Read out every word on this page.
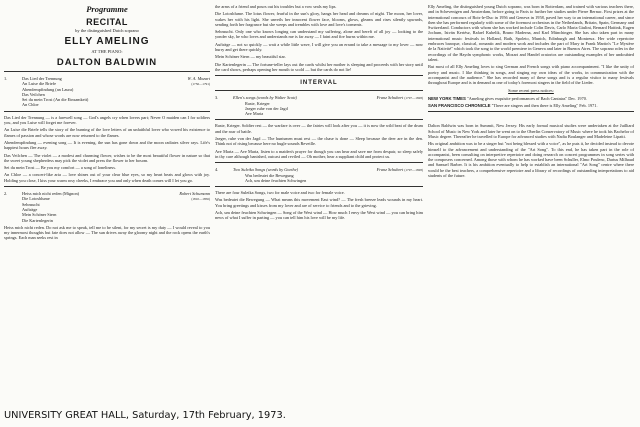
Programme
RECITAL
by the distinguished Dutch soprano
ELLY AMELING
AT THE PIANO:
DALTON BALDWIN
1.	Das Lied der Trennung
An Luise die Briefe
Abendempfindung (an Laura)
Das Veilchen
Sei du mein Trost (An die Einsamkeit)
An Chloe
W. A. Mozart
(1756—1791)
Das Lied der Trennung — is a farewell song — God's angels cry when lovers part; Never O maiden can I for soldiers you, and you Luise will forget me forever.
An Luise die Briefe tells the story of the burning of the love letters of an unfaithful lover who vowed his existence to flames of passion and whose words are now returned to the flames.
Abendempfindung — evening song — It is evening, the sun has gone down and the moon radiates silver rays. Life's happiest hours flee away.
Das Veilchen — The violet — a modest and charming flower, wishes to be the most beautiful flower in nature so that the sweet young shepherdess may pick the violet and press the flower to her bosom.
Sei du mein Trost — Be you my comfort — a song of loneliness.
An Chloe — a concert-like aria — love shines out of your clear blue eyes, so my heart beats and glows with joy. Holding you close, I kiss your warm rosy cheeks, I embrace you and only when death comes will I let you go.
2.	Heiss mich nicht reden (Mignon)
Die Lotosblume
Sehnsucht
Aufträge
Mein Schöner Stern
Die Kartenlegerin
Robert Schumann
(1810—1856)
Heiss mich nicht reden. Do not ask me to speak, tell me to be silent, for my secret is my duty — I would reveal to you my innermost thoughts but fate does not allow — The sun drives away the gloomy night and the rock opens the earth's springs. Each man seeks rest in
the arms of a friend and pours out his troubles but a vow seals my lips.
Die Lotosblume. The lotus flower, fearful in the sun's glory, hangs her head and dreams of night. The moon, her lover, wakes her with his light. She unveils her innocent flower face, blooms, glows, gleams and rises silently upwards, sending forth her fragrance but she weeps and trembles with love and love's torments.
Sehnsucht. Only one who knows longing can understand my suffering, alone and bereft of all joy — looking to the yonder sky, he who loves and understands me is far away — I faint and fire burns within me.
Aufträge — not so quickly — wait a while little wave, I will give you an errand to take a message to my lover — now hurry and get there quickly.
Mein Schöner Stern — my beautiful star.
Die Kartenlegerin — The fortune-teller lays out the cards whilst her mother is sleeping and proceeds with her story until the card shows, perhaps opening her mouth to scold — but the cards do not lie!
INTERVAL
3.	Ellen's songs (words by Walter Scott)
Raste, Krieger
Jaeger ruhe von der Jagd
Ave Maria
Franz Schubert (1797—1828)
Raste, Krieger. Soldier rest — the warfare is over — the fairies will look after you — it is now the wild beat of the drum and the roar of battle.
Jaeger, ruhe von der Jagd — The huntsmen must rest — the chase is done — Sleep because the deer are in the den. Think not of rising because here no bugle sounds Reveille.
Ave Maria — Ave Maria, listen to a maiden's prayer for though you can hear and save me from despair, so sleep safely in thy care although banished, outcast and reviled — Oh mother, hear a suppliant child and protect us.
4.	Two Suleika Songs (words by Goethe)
Was bedeutet die Bewegung
Ach, um deine feuchten Schwingen
Franz Schubert (1797—1828)
There are four Suleika Songs, two for male voice and two for female voice.
Was bedeutet die Bewegung — What means this movement East wind? — The fresh breeze leads wounds in my heart. You bring greetings and kisses from my lover and are of service to friends and to the grieving.
Ach, um deine feuchten Schwingen — Song of the West wind — How much I envy the West wind — you can bring him news of what I suffer in parting — you can tell him his love will be my life.
Elly Ameling, the distinguished young Dutch soprano, was born in Rotterdam, and trained with various teachers there, and in Schevenigen and Amsterdam, before going to Paris to further her studies under Pierre Bernac. First prizes at the international concours of Bois-le-Duc in 1956 and Geneva in 1958, paved her way to an international career, and since then she has performed regularly with some of the foremost orchestras in the Netherlands, Britain, Spain, Germany and Switzerland. Conductors with whom she has worked include Colin Davis, Carlo Maria Giulini, Bernard Haitink, Eugen Jochum, István Kertész, Rafael Kubelik, Bruno Maderna, and Karl Münchinger. She has also taken part in many international music festivals in Holland, Bath, Spoleto, Munich, Edinburgh and Montreux. Her wide repertoire embraces baroque, classical, romantic and modern work and includes the part of Mary in Frank Martin's "Le Mystère de la Nativité" which took the song to the world premiere in Geneva and later in Buenos Aires. The soprano roles in the recordings of the Haydn symphonic works, Mozart and Handel oratorios are outstanding examples of her undoubted talent.
But most of all Elly Ameling loves to sing German and French songs with piano accompaniment. "I like the unity of poetry and music. I like thinking in songs, and singing my own ideas of the works, in communication with the accompanist and the audience." She has recorded many of these songs and is a regular visitor to many festivals throughout Europe and is in demand as one of today's foremost singers in the field of the Lieder.
Some recent press notices:
NEW YORK TIMES "Ameling gives exquisite performances of Bach Cantatas" Dec. 1970.
SAN FRANCISCO CHRONICLE "There are singers and then there is Elly Ameling" Feb. 1971.
Dalton Baldwin was born in Summit, New Jersey. His early formal musical studies were undertaken at the Juilliard School of Music in New York and later he went on to the Oberlin Conservatory of Music where he took his Bachelor of Music degree. Thereafter he travelled to Europe for advanced studies with Nadia Boulanger and Madeleine Lipatti.
His original ambition was to be a singer but "not being blessed with a voice", as he puts it, he decided instead to devote himself to the advancement and understanding of the "Art Song". To this end, he has taken part in the role of accompanist, been consulting on interpretive repertoire and doing research on concert programmes in song series with the composers concerned. Among those with whom he has worked have been Schuller, Elmo Poulenc, Darius Milhaud and Samuel Barber. It is his ambition eventually to help to establish an international "Art Song" centre where there would be the best teachers, a comprehensive repertoire and a library of recordings of outstanding interpretations to aid students of the future.
UNIVERSITY GREAT HALL, Saturday, 17th February, 1973.
